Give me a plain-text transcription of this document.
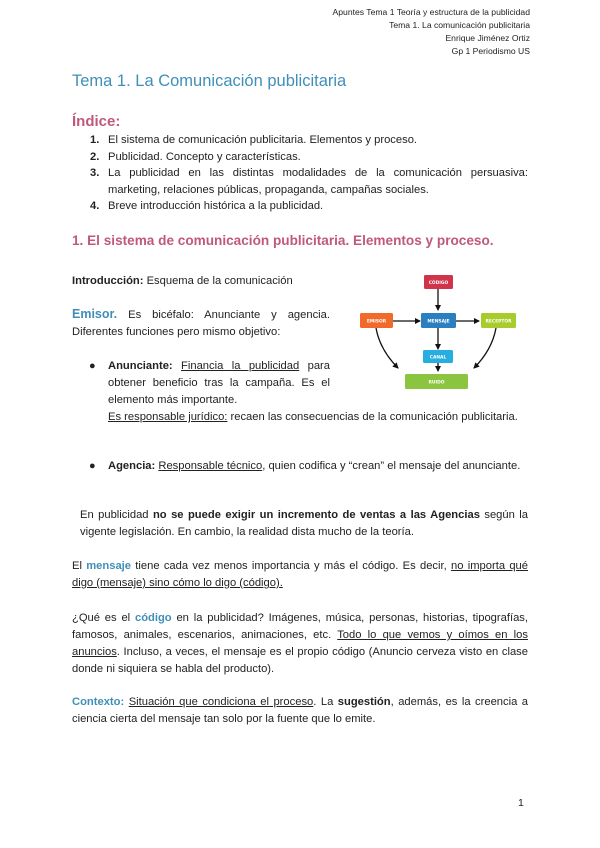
Apuntes Tema 1 Teoría y estructura de la publicidad
Tema 1. La comunicación publicitaria
Enrique Jiménez Ortiz
Gp 1 Periodismo US
Tema 1. La Comunicación publicitaria
Índice:
1. El sistema de comunicación publicitaria. Elementos y proceso.
2. Publicidad. Concepto y características.
3. La publicidad en las distintas modalidades de la comunicación persuasiva: marketing, relaciones públicas, propaganda, campañas sociales.
4. Breve introducción histórica a la publicidad.
1. El sistema de comunicación publicitaria. Elementos y proceso.
Introducción: Esquema de la comunicación
Emisor. Es bicéfalo: Anunciante y agencia. Diferentes funciones pero mismo objetivo:
● Anunciante: Financia la publicidad para obtener beneficio tras la campaña. Es el elemento más importante.
Es responsable jurídico: recaen las consecuencias de la comunicación publicitaria.
● Agencia: Responsable técnico, quien codifica y “crean” el mensaje del anunciante.
En publicidad no se puede exigir un incremento de ventas a las Agencias según la vigente legislación. En cambio, la realidad dista mucho de la teoría.
El mensaje tiene cada vez menos importancia y más el código. Es decir, no importa qué digo (mensaje) sino cómo lo digo (código).
¿Qué es el código en la publicidad? Imágenes, música, personas, historias, tipografías, famosos, animales, escenarios, animaciones, etc. Todo lo que vemos y oímos en los anuncios. Incluso, a veces, el mensaje es el propio código (Anuncio cerveza visto en clase donde ni siquiera se habla del producto).
Contexto: Situación que condiciona el proceso. La sugestión, además, es la creencia a ciencia cierta del mensaje tan solo por la fuente que lo emite.
CÓDIGO
EMISOR	MENSAJE	RECEPTOR
CANAL
RUIDO
1
